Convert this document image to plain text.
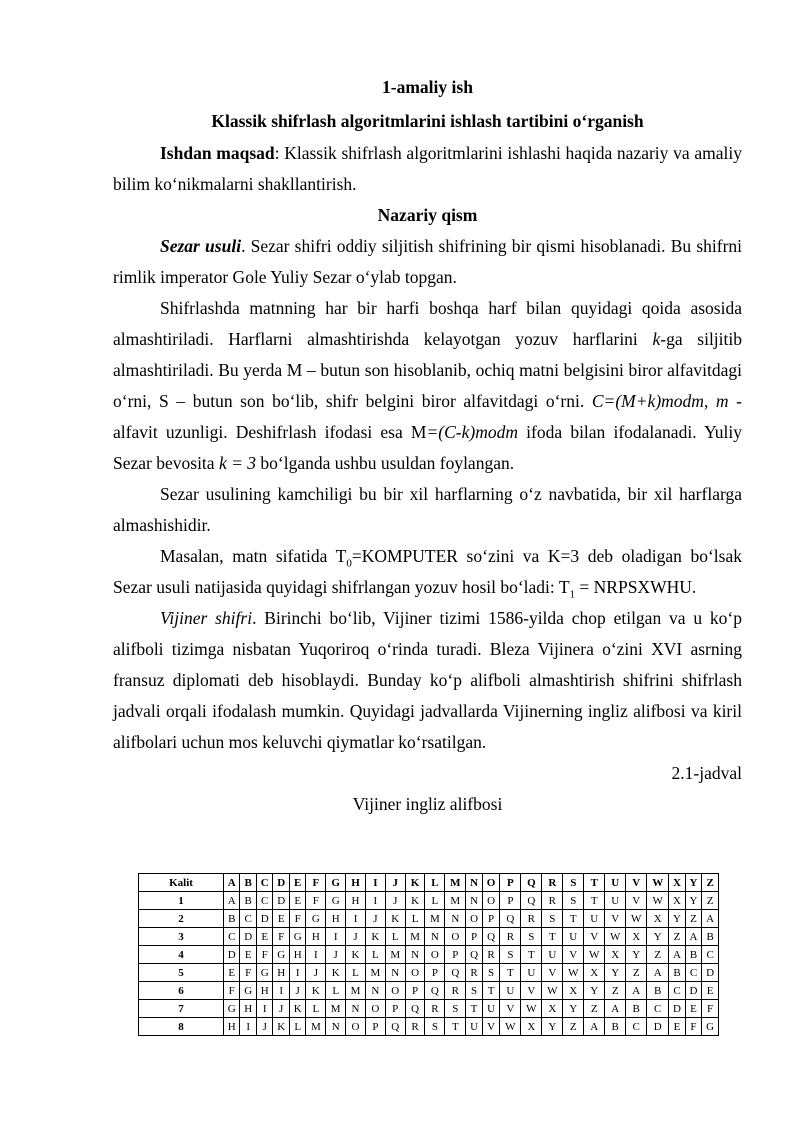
1-amaliy ish

Klassik shifrlash algoritmlarini ishlash tartibini o‘rganish

Ishdan maqsad: Klassik shifrlash algoritmlarini ishlashi haqida nazariy va amaliy bilim ko‘nikmalarni shakllantirish.

Nazariy qism

Sezar usuli. Sezar shifri oddiy siljitish shifrining bir qismi hisoblanadi. Bu shifrni rimlik imperator Gole Yuliy Sezar o‘ylab topgan.

Shifrlashda matnning har bir harfi boshqa harf bilan quyidagi qoida asosida almashtiriladi. Harflarni almashtirishda kelayotgan yozuv harflarini k-ga siljitib almashtiriladi. Bu yerda M – butun son hisoblanib, ochiq matni belgisini biror alfavitdagi o‘rni, S – butun son bo‘lib, shifr belgini biror alfavitdagi o‘rni. C=(M+k)modm, m - alfavit uzunligi. Deshifrlash ifodasi esa M=(C-k)modm ifoda bilan ifodalanadi. Yuliy Sezar bevosita k = 3 bo‘lganda ushbu usuldan foylangan.

Sezar usulining kamchiligi bu bir xil harflarning o‘z navbatida, bir xil harflarga almashishidir.

Masalan, matn sifatida $T_0=KOMPUTER$ so‘zini va K=3 deb oladigan bo‘lsak Sezar usuli natijasida quyidagi shifrlangan yozuv hosil bo‘ladi: $T_1$ = NRPSXWHU.

Vijiner shifri. Birinchi bo‘lib, Vijiner tizimi 1586-yilda chop etilgan va u ko‘p alifboli tizimga nisbatan Yuqoriroq o‘rinda turadi. Bleza Vijinera o‘zini XVI asrning fransuz diplomati deb hisoblaydi. Bunday ko‘p alifboli almashtirish shifrini shifrlash jadvali orqali ifodalash mumkin. Quyidagi jadvallarda Vijinerning ingliz alifbosi va kiril alifbolari uchun mos keluvchi qiymatlar ko‘rsatilgan.

2.1-jadval

Vijiner ingliz alifbosi

Kalit	A	B	C	D	E	F	G	H	I	J	K	L	M	N	O	P	Q	R	S	T	U	V	W	X	Y	Z
1	A	B	C	D	E	F	G	H	I	J	K	L	M	N	O	P	Q	R	S	T	U	V	W	X	Y	Z
2	B	C	D	E	F	G	H	I	J	K	L	M	N	O	P	Q	R	S	T	U	V	W	X	Y	Z	A
3	C	D	E	F	G	H	I	J	K	L	M	N	O	P	Q	R	S	T	U	V	W	X	Y	Z	A	B
4	D	E	F	G	H	I	J	K	L	M	N	O	P	Q	R	S	T	U	V	W	X	Y	Z	A	B	C
5	E	F	G	H	I	J	K	L	M	N	O	P	Q	R	S	T	U	V	W	X	Y	Z	A	B	C	D
6	F	G	H	I	J	K	L	M	N	O	P	Q	R	S	T	U	V	W	X	Y	Z	A	B	C	D	E
7	G	H	I	J	K	L	M	N	O	P	Q	R	S	T	U	V	W	X	Y	Z	A	B	C	D	E	F
8	H	I	J	K	L	M	N	O	P	Q	R	S	T	U	V	W	X	Y	Z	A	B	C	D	E	F	G
